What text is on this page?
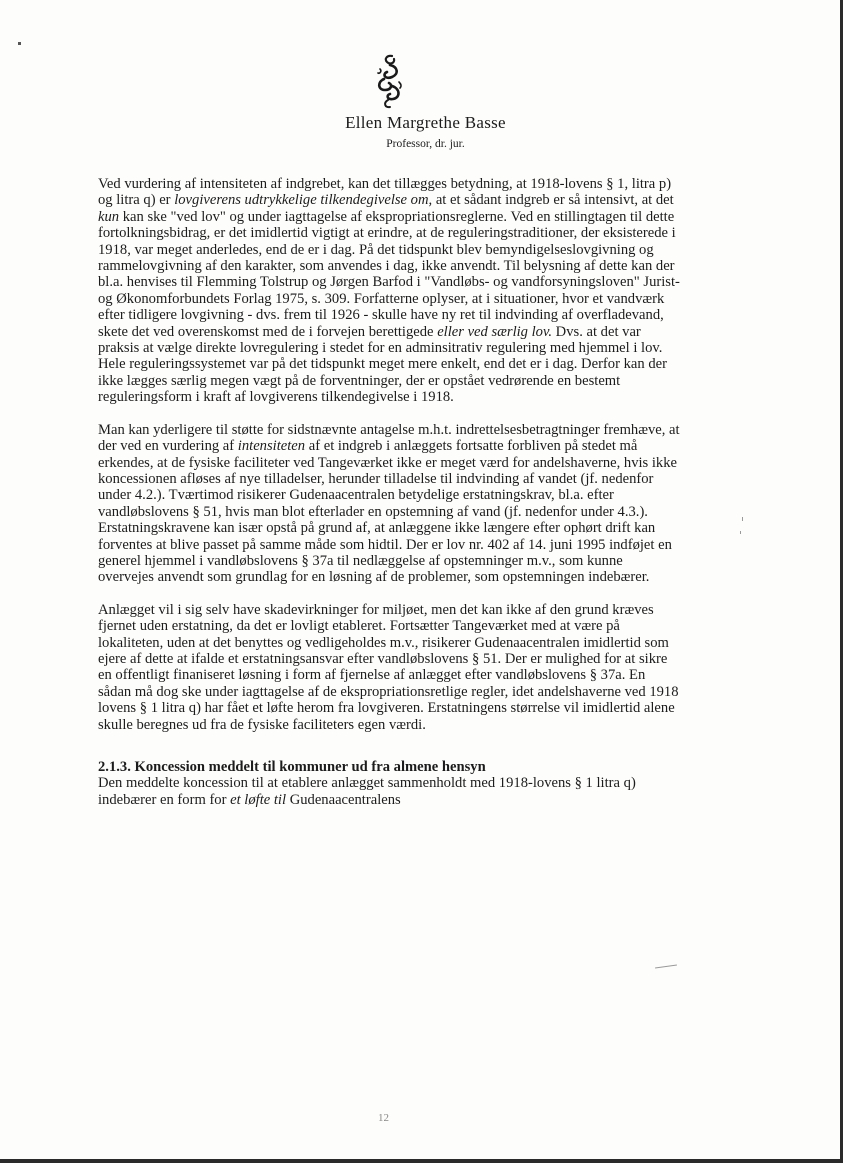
Ellen Margrethe Basse
Professor, dr. jur.

Ved vurdering af intensiteten af indgrebet, kan det tillægges betydning, at 1918-lovens § 1, litra p) og litra q) er lovgiverens udtrykkelige tilkendegivelse om, at et sådant indgreb er så intensivt, at det kun kan ske "ved lov" og under iagttagelse af ekspropriationsreglerne. Ved en stillingtagen til dette fortolkningsbidrag, er det imidlertid vigtigt at erindre, at de reguleringstraditioner, der eksisterede i 1918, var meget anderledes, end de er i dag. På det tidspunkt blev bemyndigelseslovgivning og rammelovgivning af den karakter, som anvendes i dag, ikke anvendt. Til belysning af dette kan der bl.a. henvises til Flemming Tolstrup og Jørgen Barfod i "Vandløbs- og vandforsyningsloven" Jurist- og Økonomforbundets Forlag 1975, s. 309. Forfatterne oplyser, at i situationer, hvor et vandværk efter tidligere lovgivning - dvs. frem til 1926 - skulle have ny ret til indvinding af overfladevand, skete det ved overenskomst med de i forvejen berettigede eller ved særlig lov. Dvs. at det var praksis at vælge direkte lovregulering i stedet for en adminsitrativ regulering med hjemmel i lov. Hele reguleringssystemet var på det tidspunkt meget mere enkelt, end det er i dag. Derfor kan der ikke lægges særlig megen vægt på de forventninger, der er opstået vedrørende en bestemt reguleringsform i kraft af lovgiverens tilkendegivelse i 1918.

Man kan yderligere til støtte for sidstnævnte antagelse m.h.t. indrettelsesbetragtninger fremhæve, at der ved en vurdering af intensiteten af et indgreb i anlæggets fortsatte forbliven på stedet må erkendes, at de fysiske faciliteter ved Tangeværket ikke er meget værd for andelshaverne, hvis ikke koncessionen afløses af nye tilladelser, herunder tilladelse til indvinding af vandet (jf. nedenfor under 4.2.). Tværtimod risikerer Gudenaacentralen betydelige erstatningskrav, bl.a. efter vandløbslovens § 51, hvis man blot efterlader en opstemning af vand (jf. nedenfor under 4.3.). Erstatningskravene kan især opstå på grund af, at anlæggene ikke længere efter ophørt drift kan forventes at blive passet på samme måde som hidtil. Der er lov nr. 402 af 14. juni 1995 indføjet en generel hjemmel i vandløbslovens § 37a til nedlæggelse af opstemninger m.v., som kunne overvejes anvendt som grundlag for en løsning af de problemer, som opstemningen indebærer.

Anlægget vil i sig selv have skadevirkninger for miljøet, men det kan ikke af den grund kræves fjernet uden erstatning, da det er lovligt etableret. Fortsætter Tangeværket med at være på lokaliteten, uden at det benyttes og vedligeholdes m.v., risikerer Gudenaacentralen imidlertid som ejere af dette at ifalde et erstatningsansvar efter vandløbslovens § 51. Der er mulighed for at sikre en offentligt finaniseret løsning i form af fjernelse af anlægget efter vandløbslovens § 37a. En sådan må dog ske under iagttagelse af de ekspropriationsretlige regler, idet andelshaverne ved 1918 lovens § 1 litra q) har fået et løfte herom fra lovgiveren. Erstatningens størrelse vil imidlertid alene skulle beregnes ud fra de fysiske faciliteters egen værdi.

2.1.3. Koncession meddelt til kommuner ud fra almene hensyn

Den meddelte koncession til at etablere anlægget sammenholdt med 1918-lovens § 1 litra q) indebærer en form for et løfte til Gudenaacentralens

12
